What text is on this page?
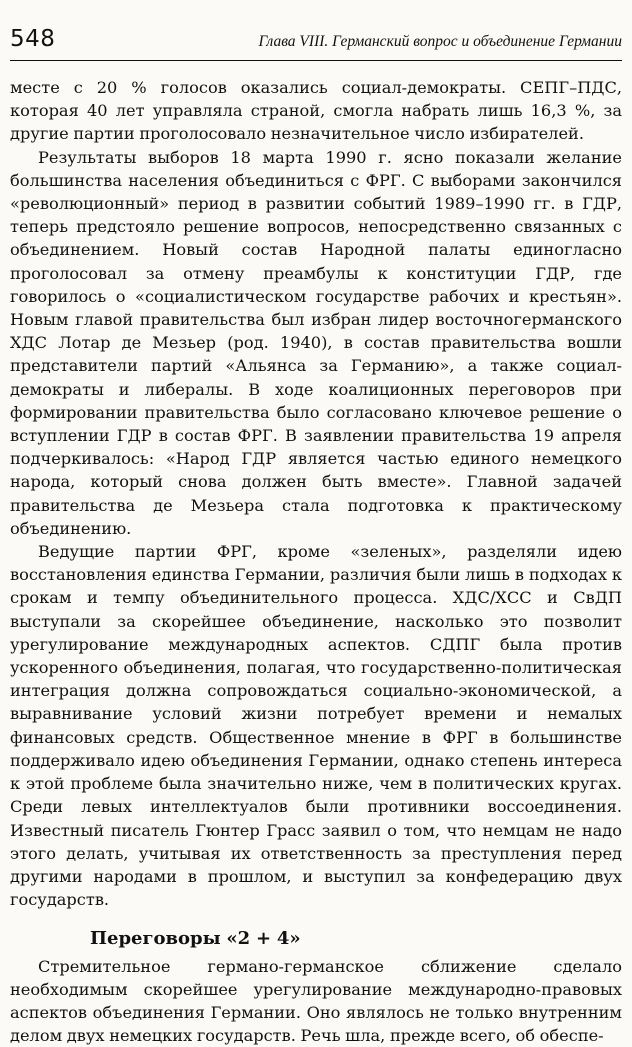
548	Глава VIII. Германский вопрос и объединение Германии

месте с 20 % голосов оказались социал-демократы. СЕПГ–ПДС, которая 40 лет управляла страной, смогла набрать лишь 16,3 %, за другие партии проголосовало незначительное число избирателей.

Результаты выборов 18 марта 1990 г. ясно показали желание большинства населения объединиться с ФРГ. С выборами закончился «революционный» период в развитии событий 1989–1990 гг. в ГДР, теперь предстояло решение вопросов, непосредственно связанных с объединением. Новый состав Народной палаты единогласно проголосовал за отмену преамбулы к конституции ГДР, где говорилось о «социалистическом государстве рабочих и крестьян». Новым главой правительства был избран лидер восточногерманского ХДС Лотар де Мезьер (род. 1940), в состав правительства вошли представители партий «Альянса за Германию», а также социал-демократы и либералы. В ходе коалиционных переговоров при формировании правительства было согласовано ключевое решение о вступлении ГДР в состав ФРГ. В заявлении правительства 19 апреля подчеркивалось: «Народ ГДР является частью единого немецкого народа, который снова должен быть вместе». Главной задачей правительства де Мезьера стала подготовка к практическому объединению.

Ведущие партии ФРГ, кроме «зеленых», разделяли идею восстановления единства Германии, различия были лишь в подходах к срокам и темпу объединительного процесса. ХДС/ХСС и СвДП выступали за скорейшее объединение, насколько это позволит урегулирование международных аспектов. СДПГ была против ускоренного объединения, полагая, что государственно-политическая интеграция должна сопровождаться социально-экономической, а выравнивание условий жизни потребует времени и немалых финансовых средств. Общественное мнение в ФРГ в большинстве поддерживало идею объединения Германии, однако степень интереса к этой проблеме была значительно ниже, чем в политических кругах. Среди левых интеллектуалов были противники воссоединения. Известный писатель Гюнтер Грасс заявил о том, что немцам не надо этого делать, учитывая их ответственность за преступления перед другими народами в прошлом, и выступил за конфедерацию двух государств.

Переговоры «2 + 4»

Стремительное германо-германское сближение сделало необходимым скорейшее урегулирование международно-правовых аспектов объединения Германии. Оно являлось не только внутренним делом двух немецких государств. Речь шла, прежде всего, об обеспе-
